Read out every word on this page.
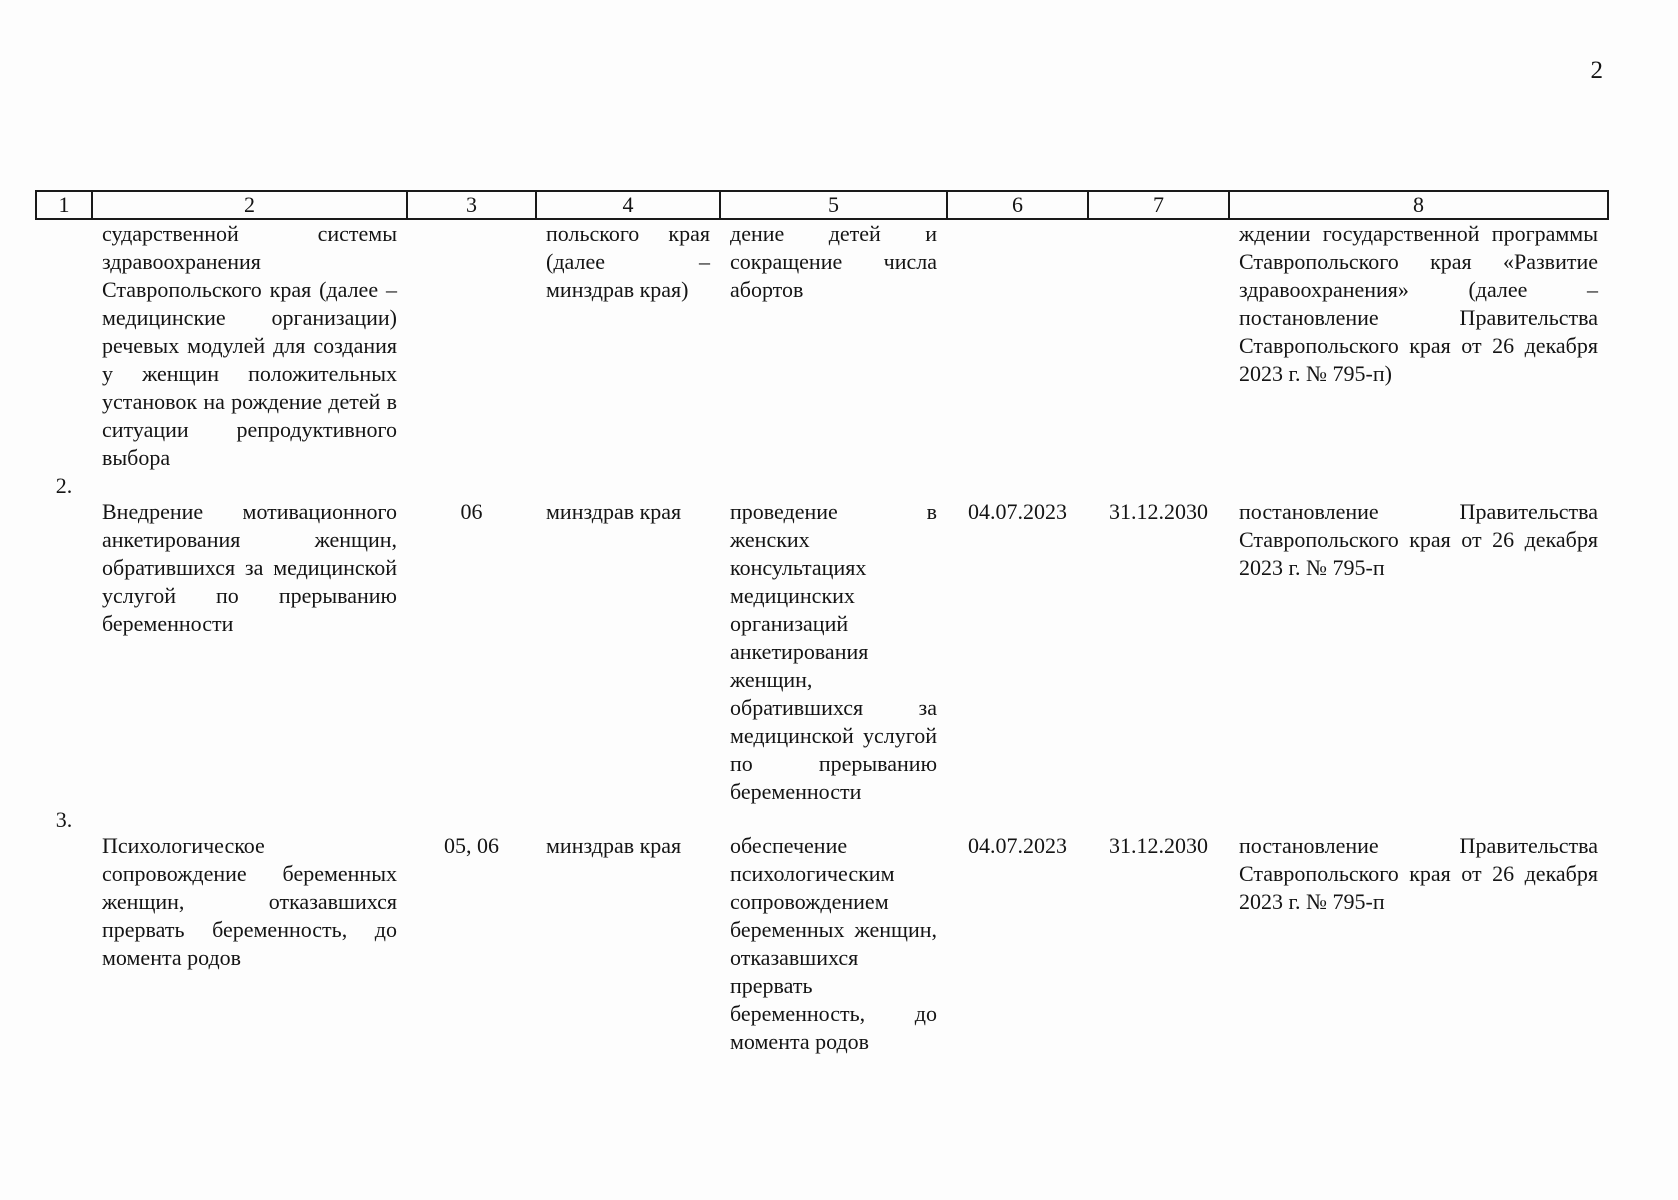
2
1	2	3	4	5	6	7	8
	сударственной системы здравоохранения Ставропольского края (далее – медицинские организации) речевых модулей для создания у женщин положительных установок на рождение детей в ситуации репродуктивного выбора		польского края (далее – минздрав края)	дение детей и сокращение числа абортов			ждении государственной программы Ставропольского края «Развитие здравоохранения» (далее – постановление Правительства Ставропольского края от 26 декабря 2023 г. № 795-п)
2.	Внедрение мотивационного анкетирования женщин, обратившихся за медицинской услугой по прерыванию беременности	06	минздрав края	проведение в женских консультациях медицинских организаций анкетирования женщин, обратившихся за медицинской услугой по прерыванию беременности	04.07.2023	31.12.2030	постановление Правительства Ставропольского края от 26 декабря 2023 г. № 795-п
3.	Психологическое сопровождение беременных женщин, отказавшихся прервать беременность, до момента родов	05, 06	минздрав края	обеспечение психологическим сопровождением беременных женщин, отказавшихся прервать беременность, до момента родов	04.07.2023	31.12.2030	постановление Правительства Ставропольского края от 26 декабря 2023 г. № 795-п
